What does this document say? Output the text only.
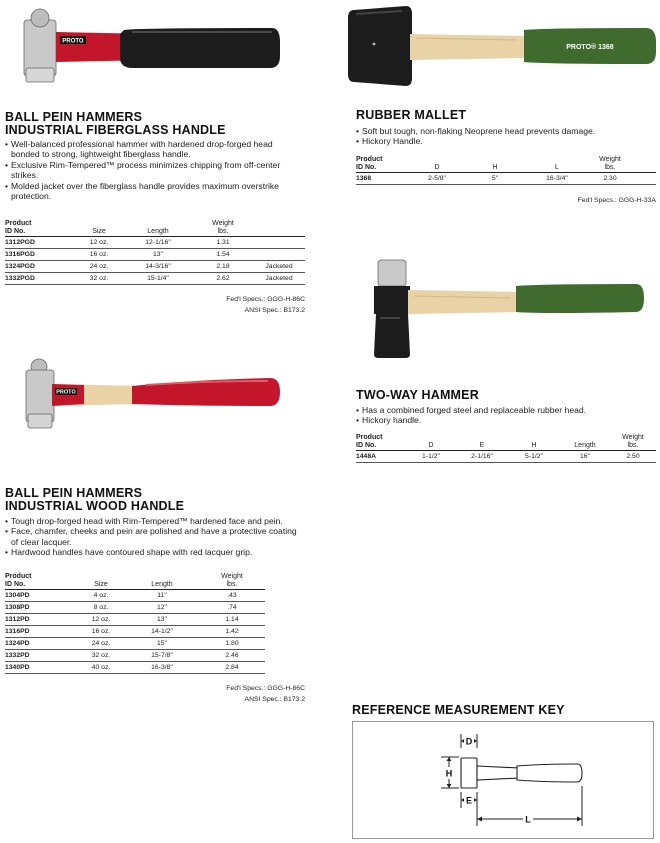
PROTO
BALL PEIN HAMMERS
INDUSTRIAL FIBERGLASS HANDLE
• Well-balanced professional hammer with hardened drop-forged head bonded to strong, lightweight fiberglass handle.
• Exclusive Rim-Tempered™ process minimizes chipping from off-center strikes.
• Molded jacket over the fiberglass handle provides maximum overstrike protection.
Product			Weight	
ID No.	Size	Length	lbs.	
1312PGD	12 oz.	12-1/16"	1.31	
1316PGD	16 oz.	13"	1.54	
1324PGD	24 oz.	14-3/16"	2.18	Jacketed
1332PGD	32 oz.	15-1/4"	2.62	Jacketed
Fed'l Specs.: GGG-H-86C
ANSI Spec.: B173.2
PROTO
BALL PEIN HAMMERS
INDUSTRIAL WOOD HANDLE
• Tough drop-forged head with Rim-Tempered™ hardened face and pein.
• Face, chamfer, cheeks and pein are polished and have a protective coating of clear lacquer.
• Hardwood handles have contoured shape with red lacquer grip.
Product			Weight
ID No.	Size	Length	lbs.
1304PD	4 oz.	11"	.43
1308PD	8 oz.	12"	.74
1312PD	12 oz.	13"	1.14
1316PD	16 oz.	14-1/2"	1.42
1324PD	24 oz.	15"	1.80
1332PD	32 oz.	15-7/8"	2.46
1340PD	40 oz.	16-3/8"	2.84
Fed'l Specs.: GGG-H-86C
ANSI Spec.: B173.2
PROTO® 1368
RUBBER MALLET
• Soft but tough, non-flaking Neoprene head prevents damage.
• Hickory Handle.
Product				Weight	
ID No.	D	H	L	lbs.	
1368	2-5/8"	5"	16-3/4"	2.30	
Fed'l Specs.: GGG-H-33A
TWO-WAY HAMMER
• Has a combined forged steel and replaceable rubber head.
• Hickory handle.
Product					Weight
ID No.	D	E	H	Length	lbs.
1448A	1-1/2"	2-1/16"	5-1/2"	16"	2.50
REFERENCE MEASUREMENT KEY
D
H
E
L
